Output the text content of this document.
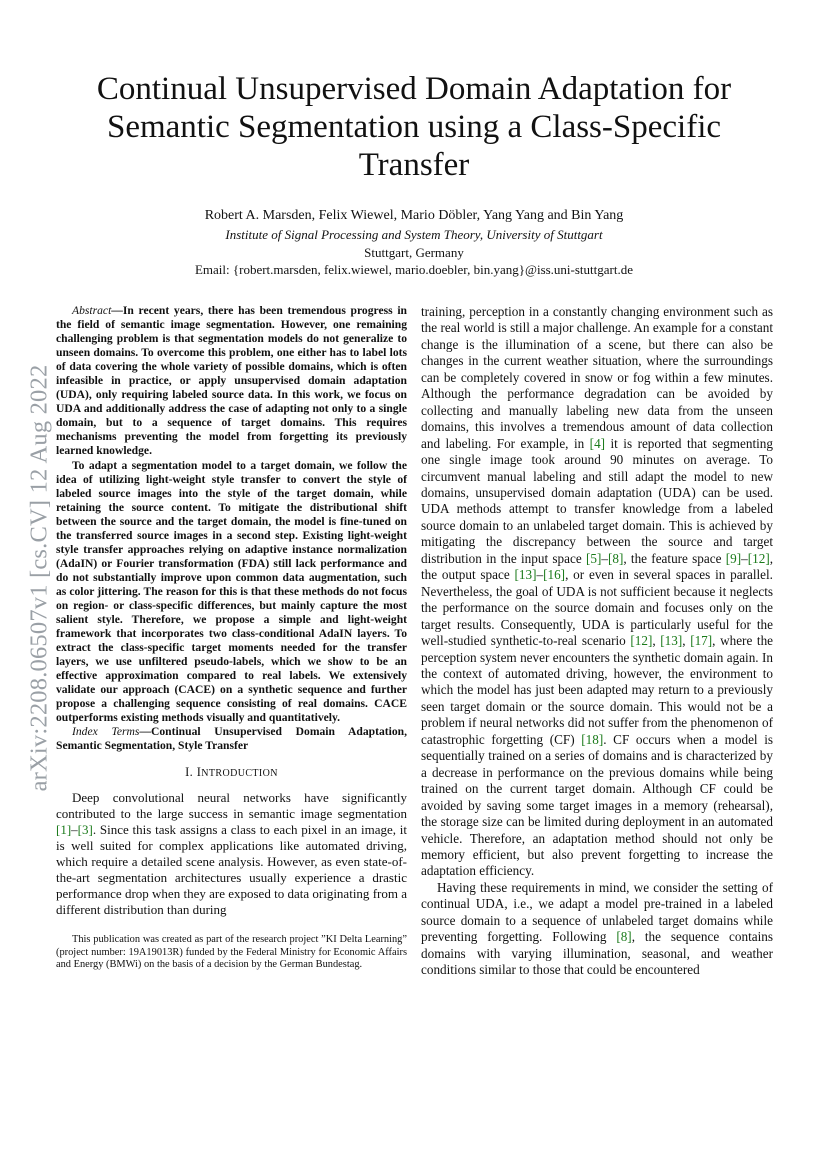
arXiv:2208.06507v1 [cs.CV] 12 Aug 2022
Continual Unsupervised Domain Adaptation for Semantic Segmentation using a Class-Specific Transfer
Robert A. Marsden, Felix Wiewel, Mario Döbler, Yang Yang and Bin Yang
Institute of Signal Processing and System Theory, University of Stuttgart
Stuttgart, Germany
Email: {robert.marsden, felix.wiewel, mario.doebler, bin.yang}@iss.uni-stuttgart.de

Abstract—In recent years, there has been tremendous progress in the field of semantic image segmentation. However, one remaining challenging problem is that segmentation models do not generalize to unseen domains. To overcome this problem, one either has to label lots of data covering the whole variety of possible domains, which is often infeasible in practice, or apply unsupervised domain adaptation (UDA), only requiring labeled source data. In this work, we focus on UDA and additionally address the case of adapting not only to a single domain, but to a sequence of target domains. This requires mechanisms preventing the model from forgetting its previously learned knowledge.

To adapt a segmentation model to a target domain, we follow the idea of utilizing light-weight style transfer to convert the style of labeled source images into the style of the target domain, while retaining the source content. To mitigate the distributional shift between the source and the target domain, the model is fine-tuned on the transferred source images in a second step. Existing light-weight style transfer approaches relying on adaptive instance normalization (AdaIN) or Fourier transformation (FDA) still lack performance and do not substantially improve upon common data augmentation, such as color jittering. The reason for this is that these methods do not focus on region- or class-specific differences, but mainly capture the most salient style. Therefore, we propose a simple and light-weight framework that incorporates two class-conditional AdaIN layers. To extract the class-specific target moments needed for the transfer layers, we use unfiltered pseudo-labels, which we show to be an effective approximation compared to real labels. We extensively validate our approach (CACE) on a synthetic sequence and further propose a challenging sequence consisting of real domains. CACE outperforms existing methods visually and quantitatively.

Index Terms—Continual Unsupervised Domain Adaptation, Semantic Segmentation, Style Transfer

I. INTRODUCTION

Deep convolutional neural networks have significantly contributed to the large success in semantic image segmentation [1]–[3]. Since this task assigns a class to each pixel in an image, it is well suited for complex applications like automated driving, which require a detailed scene analysis. However, as even state-of-the-art segmentation architectures usually experience a drastic performance drop when they are exposed to data originating from a different distribution than during

This publication was created as part of the research project ”KI Delta Learning” (project number: 19A19013R) funded by the Federal Ministry for Economic Affairs and Energy (BMWi) on the basis of a decision by the German Bundestag.

training, perception in a constantly changing environment such as the real world is still a major challenge. An example for a constant change is the illumination of a scene, but there can also be changes in the current weather situation, where the surroundings can be completely covered in snow or fog within a few minutes. Although the performance degradation can be avoided by collecting and manually labeling new data from the unseen domains, this involves a tremendous amount of data collection and labeling. For example, in [4] it is reported that segmenting one single image took around 90 minutes on average. To circumvent manual labeling and still adapt the model to new domains, unsupervised domain adaptation (UDA) can be used. UDA methods attempt to transfer knowledge from a labeled source domain to an unlabeled target domain. This is achieved by mitigating the discrepancy between the source and target distribution in the input space [5]–[8], the feature space [9]–[12], the output space [13]–[16], or even in several spaces in parallel. Nevertheless, the goal of UDA is not sufficient because it neglects the performance on the source domain and focuses only on the target results. Consequently, UDA is particularly useful for the well-studied synthetic-to-real scenario [12], [13], [17], where the perception system never encounters the synthetic domain again. In the context of automated driving, however, the environment to which the model has just been adapted may return to a previously seen target domain or the source domain. This would not be a problem if neural networks did not suffer from the phenomenon of catastrophic forgetting (CF) [18]. CF occurs when a model is sequentially trained on a series of domains and is characterized by a decrease in performance on the previous domains while being trained on the current target domain. Although CF could be avoided by saving some target images in a memory (rehearsal), the storage size can be limited during deployment in an automated vehicle. Therefore, an adaptation method should not only be memory efficient, but also prevent forgetting to increase the adaptation efficiency.

Having these requirements in mind, we consider the setting of continual UDA, i.e., we adapt a model pre-trained in a labeled source domain to a sequence of unlabeled target domains while preventing forgetting. Following [8], the sequence contains domains with varying illumination, seasonal, and weather conditions similar to those that could be encountered
